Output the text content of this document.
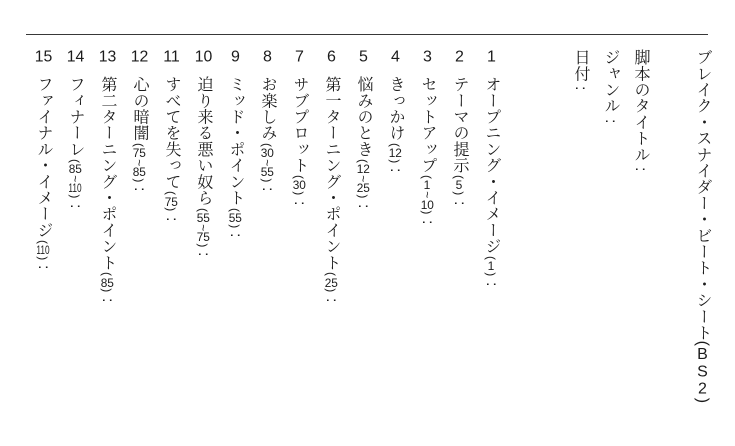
ブレイク・スナイダー・ビート・シート(BS2)
脚本のタイトル:
ジャンル:
日付:
1オープニング・イメージ(1):
2テーマの提示(5):
3セットアップ(1~10):
4きっかけ(12):
5悩みのとき(12~25):
6第一ターニング・ポイント(25):
7サブプロット(30):
8お楽しみ(30~55):
9ミッド・ポイント(55):
10迫り来る悪い奴ら(55~75):
11すべてを失って(75):
12心の暗闇(75~85):
13第二ターニング・ポイント(85):
14フィナーレ(85~110):
15ファイナル・イメージ(110):
